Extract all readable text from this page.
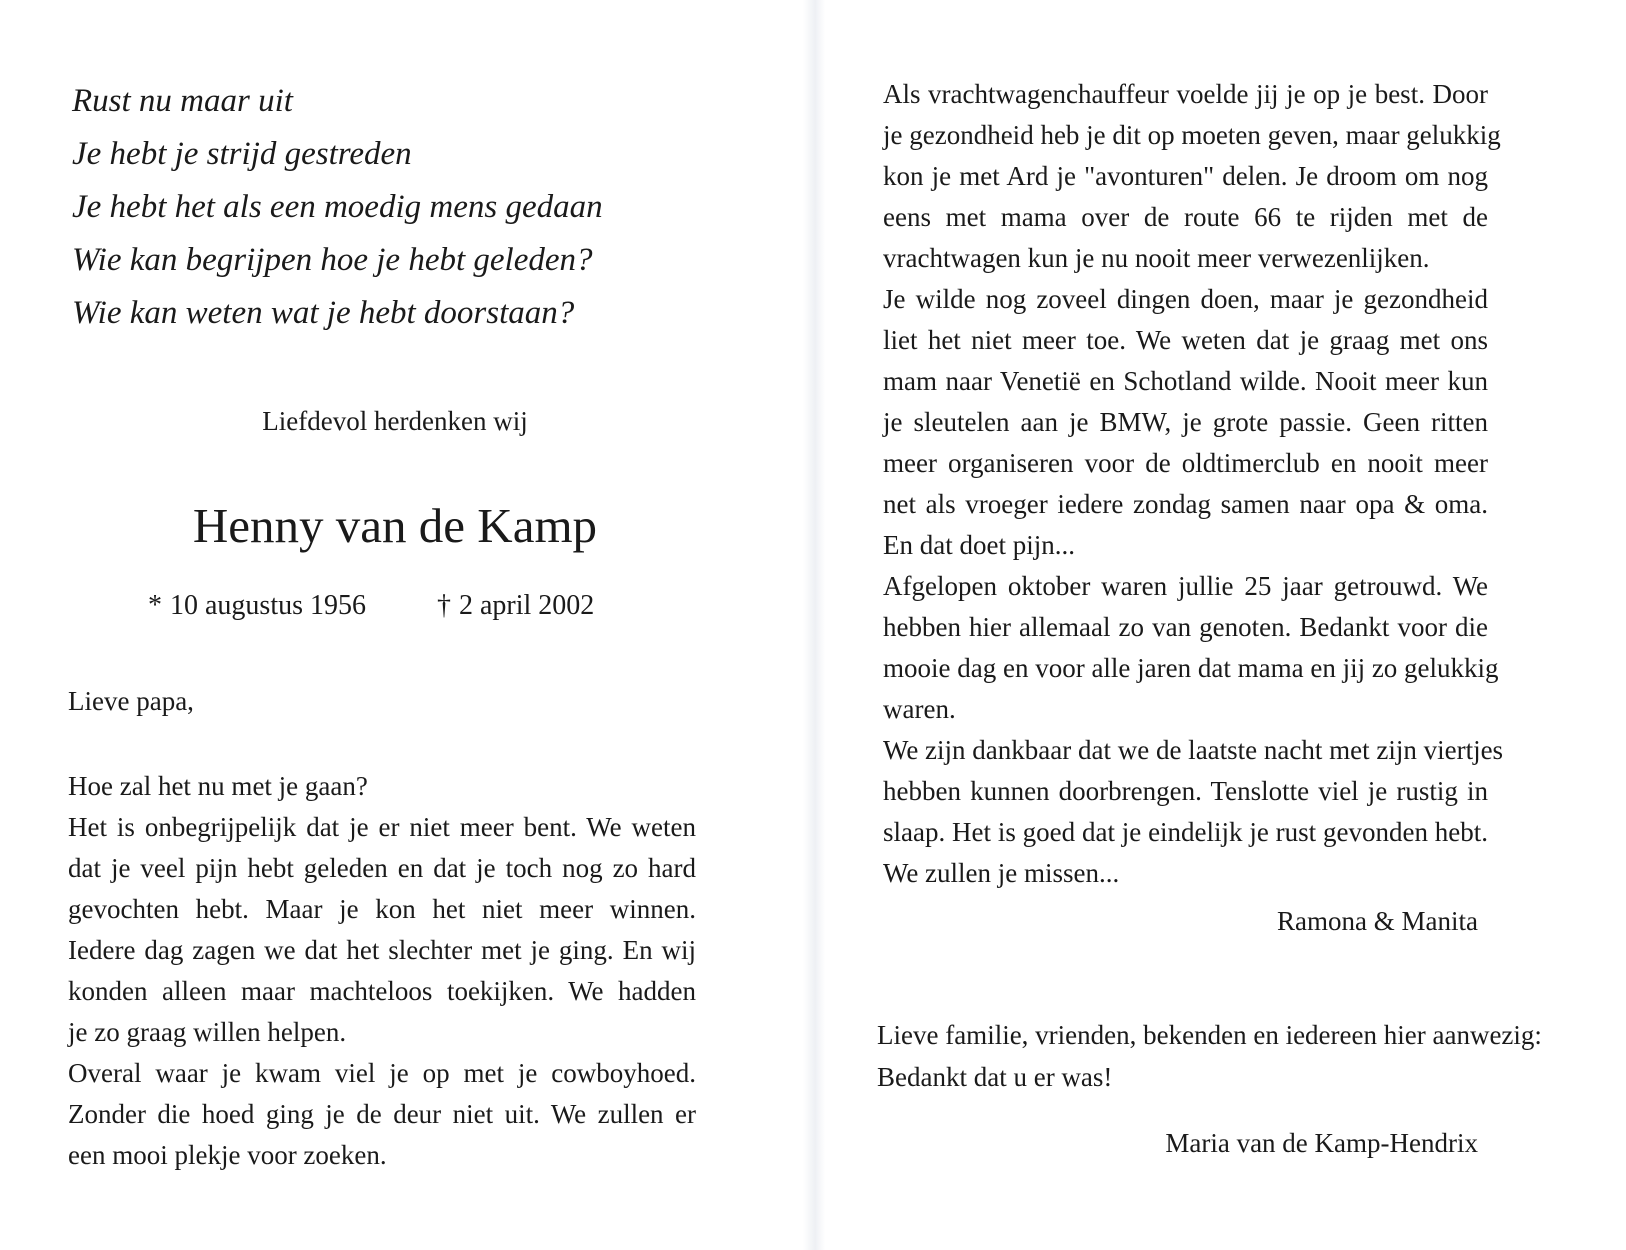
Rust nu maar uit
Je hebt je strijd gestreden
Je hebt het als een moedig mens gedaan
Wie kan begrijpen hoe je hebt geleden?
Wie kan weten wat je hebt doorstaan?
Liefdevol herdenken wij
Henny van de Kamp
* 10 augustus 1956	† 2 april 2002
Lieve papa,
Hoe zal het nu met je gaan?
Het is onbegrijpelijk dat je er niet meer bent. We weten
dat je veel pijn hebt geleden en dat je toch nog zo hard
gevochten hebt. Maar je kon het niet meer winnen.
Iedere dag zagen we dat het slechter met je ging. En wij
konden alleen maar machteloos toekijken. We hadden
je zo graag willen helpen.
Overal waar je kwam viel je op met je cowboyhoed.
Zonder die hoed ging je de deur niet uit. We zullen er
een mooi plekje voor zoeken.
Als vrachtwagenchauffeur voelde jij je op je best. Door
je gezondheid heb je dit op moeten geven, maar gelukkig
kon je met Ard je "avonturen" delen. Je droom om nog
eens met mama over de route 66 te rijden met de
vrachtwagen kun je nu nooit meer verwezenlijken.
Je wilde nog zoveel dingen doen, maar je gezondheid
liet het niet meer toe. We weten dat je graag met ons
mam naar Venetië en Schotland wilde. Nooit meer kun
je sleutelen aan je BMW, je grote passie. Geen ritten
meer organiseren voor de oldtimerclub en nooit meer
net als vroeger iedere zondag samen naar opa & oma.
En dat doet pijn...
Afgelopen oktober waren jullie 25 jaar getrouwd. We
hebben hier allemaal zo van genoten. Bedankt voor die
mooie dag en voor alle jaren dat mama en jij zo gelukkig
waren.
We zijn dankbaar dat we de laatste nacht met zijn viertjes
hebben kunnen doorbrengen. Tenslotte viel je rustig in
slaap. Het is goed dat je eindelijk je rust gevonden hebt.
We zullen je missen...
Ramona & Manita
Lieve familie, vrienden, bekenden en iedereen hier aanwezig:
Bedankt dat u er was!
Maria van de Kamp-Hendrix
